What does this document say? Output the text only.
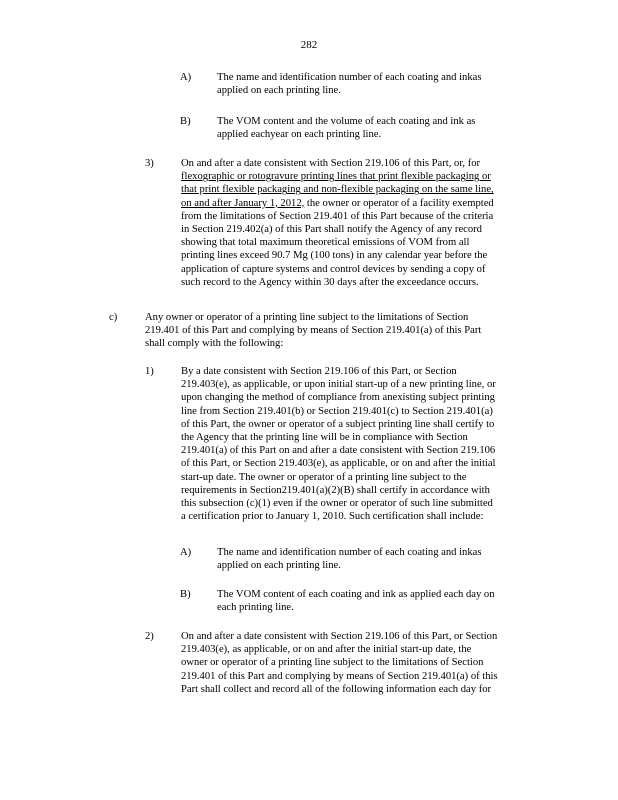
282
A) The name and identification number of each coating and inkas
applied on each printing line.
B) The VOM content and the volume of each coating and ink as
applied eachyear on each printing line.
3)	On and after a date consistent with Section 219.106 of this Part, or, for
flexographic or rotogravure printing lines that print flexible packaging or
that print flexible packaging and non-flexible packaging on the same line,
on and after January 1, 2012, the owner or operator of a facility exempted
from the limitations of Section 219.401 of this Part because of the criteria
in Section 219.402(a) of this Part shall notify the Agency of any record
showing that total maximum theoretical emissions of VOM from all
printing lines exceed 90.7 Mg (100 tons) in any calendar year before the
application of capture systems and control devices by sending a copy of
such record to the Agency within 30 days after the exceedance occurs.
c)	Any owner or operator of a printing line subject to the limitations of Section
219.401 of this Part and complying by means of Section 219.401(a) of this Part
shall comply with the following:
1)	By a date consistent with Section 219.106 of this Part, or Section
219.403(e), as applicable, or upon initial start-up of a new printing line, or
upon changing the method of compliance from anexisting subject printing
line from Section 219.401(b) or Section 219.401(c) to Section 219.401(a)
of this Part, the owner or operator of a subject printing line shall certify to
the Agency that the printing line will be in compliance with Section
219.401(a) of this Part on and after a date consistent with Section 219.106
of this Part, or Section 219.403(e), as applicable, or on and after the initial
start-up date. The owner or operator of a printing line subject to the
requirements in Section219.401(a)(2)(B) shall certify in accordance with
this subsection (c)(1) even if the owner or operator of such line submitted
a certification prior to January 1, 2010. Such certification shall include:
A) The name and identification number of each coating and inkas
applied on each printing line.
B) The VOM content of each coating and ink as applied each day on
each printing line.
2)	On and after a date consistent with Section 219.106 of this Part, or Section
219.403(e), as applicable, or on and after the initial start-up date, the
owner or operator of a printing line subject to the limitations of Section
219.401 of this Part and complying by means of Section 219.401(a) of this
Part shall collect and record all of the following information each day for
